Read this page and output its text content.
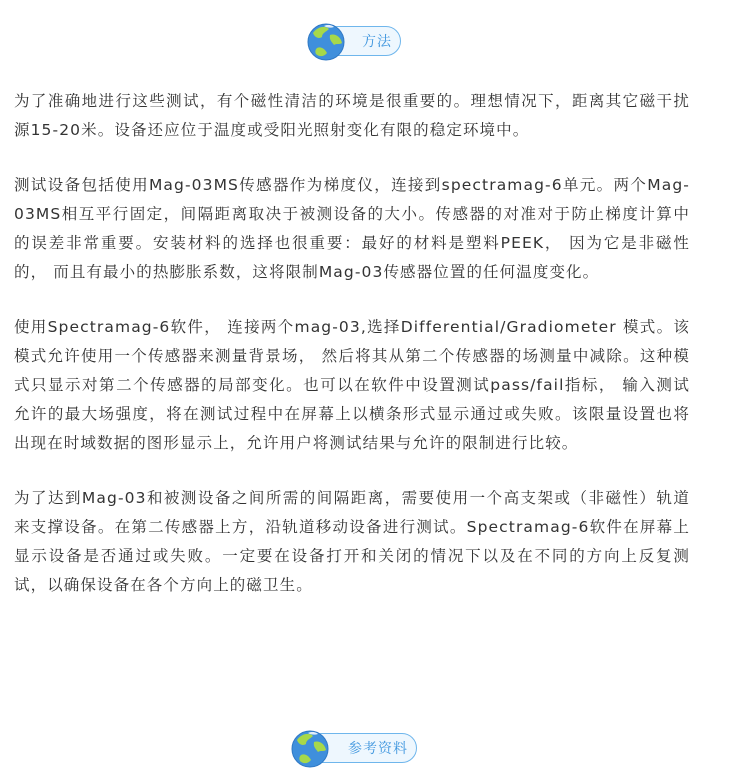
方法

为了准确地进行这些测试，有个磁性清洁的环境是很重要的。理想情况下，距离其它磁干扰源15-20米。设备还应位于温度或受阳光照射变化有限的稳定环境中。

测试设备包括使用Mag-03MS传感器作为梯度仪，连接到spectramag-6单元。两个Mag-03MS相互平行固定，间隔距离取决于被测设备的大小。传感器的对准对于防止梯度计算中的误差非常重要。安装材料的选择也很重要：最好的材料是塑料PEEK， 因为它是非磁性的， 而且有最小的热膨胀系数，这将限制Mag-03传感器位置的任何温度变化。

使用Spectramag-6软件， 连接两个mag-03,选择Differential/Gradiometer 模式。该模式允许使用一个传感器来测量背景场， 然后将其从第二个传感器的场测量中减除。这种模式只显示对第二个传感器的局部变化。也可以在软件中设置测试pass/fail指标， 输入测试允许的最大场强度，将在测试过程中在屏幕上以横条形式显示通过或失败。该限量设置也将出现在时域数据的图形显示上，允许用户将测试结果与允许的限制进行比较。

为了达到Mag-03和被测设备之间所需的间隔距离，需要使用一个高支架或（非磁性）轨道来支撑设备。在第二传感器上方，沿轨道移动设备进行测试。Spectramag-6软件在屏幕上显示设备是否通过或失败。一定要在设备打开和关闭的情况下以及在不同的方向上反复测试，以确保设备在各个方向上的磁卫生。

参考资料
